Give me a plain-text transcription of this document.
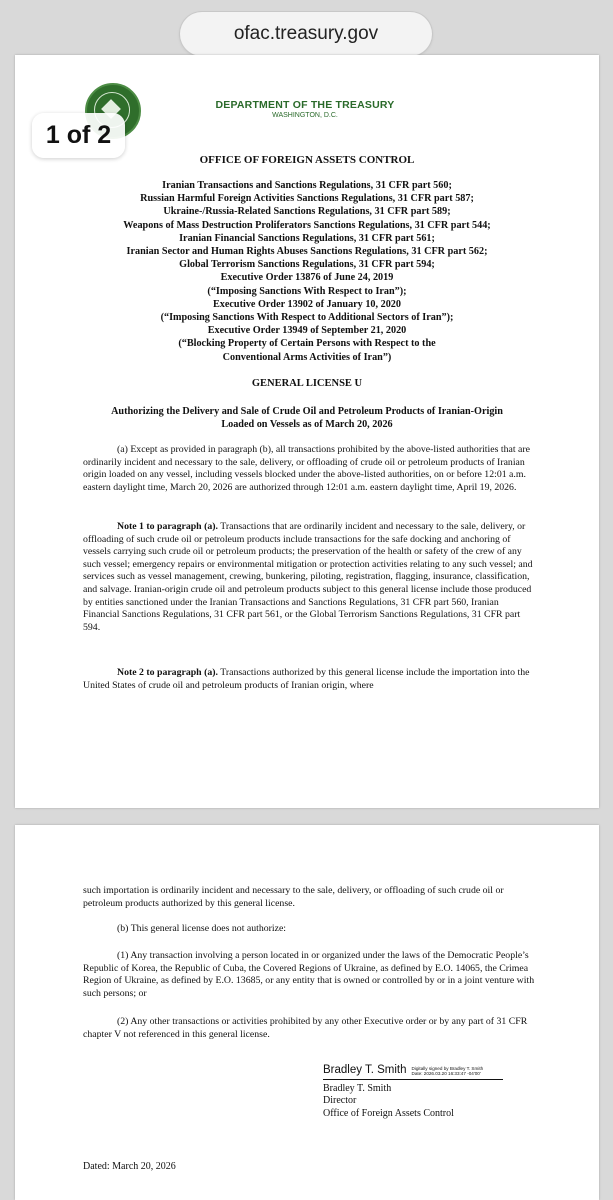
ofac.treasury.gov
1 of 2
DEPARTMENT OF THE TREASURY
WASHINGTON, D.C.
OFFICE OF FOREIGN ASSETS CONTROL
Iranian Transactions and Sanctions Regulations, 31 CFR part 560;
Russian Harmful Foreign Activities Sanctions Regulations, 31 CFR part 587;
Ukraine-/Russia-Related Sanctions Regulations, 31 CFR part 589;
Weapons of Mass Destruction Proliferators Sanctions Regulations, 31 CFR part 544;
Iranian Financial Sanctions Regulations, 31 CFR part 561;
Iranian Sector and Human Rights Abuses Sanctions Regulations, 31 CFR part 562;
Global Terrorism Sanctions Regulations, 31 CFR part 594;
Executive Order 13876 of June 24, 2019
(“Imposing Sanctions With Respect to Iran”);
Executive Order 13902 of January 10, 2020
(“Imposing Sanctions With Respect to Additional Sectors of Iran”);
Executive Order 13949 of September 21, 2020
(“Blocking Property of Certain Persons with Respect to the
Conventional Arms Activities of Iran”)
GENERAL LICENSE U
Authorizing the Delivery and Sale of Crude Oil and Petroleum Products of Iranian-Origin
Loaded on Vessels as of March 20, 2026
(a) Except as provided in paragraph (b), all transactions prohibited by the above-listed authorities that are ordinarily incident and necessary to the sale, delivery, or offloading of crude oil or petroleum products of Iranian origin loaded on any vessel, including vessels blocked under the above-listed authorities, on or before 12:01 a.m. eastern daylight time, March 20, 2026 are authorized through 12:01 a.m. eastern daylight time, April 19, 2026.
Note 1 to paragraph (a). Transactions that are ordinarily incident and necessary to the sale, delivery, or offloading of such crude oil or petroleum products include transactions for the safe docking and anchoring of vessels carrying such crude oil or petroleum products; the preservation of the health or safety of the crew of any such vessel; emergency repairs or environmental mitigation or protection activities relating to any such vessel; and services such as vessel management, crewing, bunkering, piloting, registration, flagging, insurance, classification, and salvage. Iranian-origin crude oil and petroleum products subject to this general license include those produced by entities sanctioned under the Iranian Transactions and Sanctions Regulations, 31 CFR part 560, Iranian Financial Sanctions Regulations, 31 CFR part 561, or the Global Terrorism Sanctions Regulations, 31 CFR part 594.
Note 2 to paragraph (a). Transactions authorized by this general license include the importation into the United States of crude oil and petroleum products of Iranian origin, where
such importation is ordinarily incident and necessary to the sale, delivery, or offloading of such crude oil or petroleum products authorized by this general license.
(b) This general license does not authorize:
(1) Any transaction involving a person located in or organized under the laws of the Democratic People’s Republic of Korea, the Republic of Cuba, the Covered Regions of Ukraine, as defined by E.O. 14065, the Crimea Region of Ukraine, as defined by E.O. 13685, or any entity that is owned or controlled by or in a joint venture with such persons; or
(2) Any other transactions or activities prohibited by any other Executive order or by any part of 31 CFR chapter V not referenced in this general license.
Bradley T. Smith Digitally signed by Bradley T. Smith
Date: 2026.03.20 16:33:47 -04'00'
Bradley T. Smith
Director
Office of Foreign Assets Control
Dated: March 20, 2026
